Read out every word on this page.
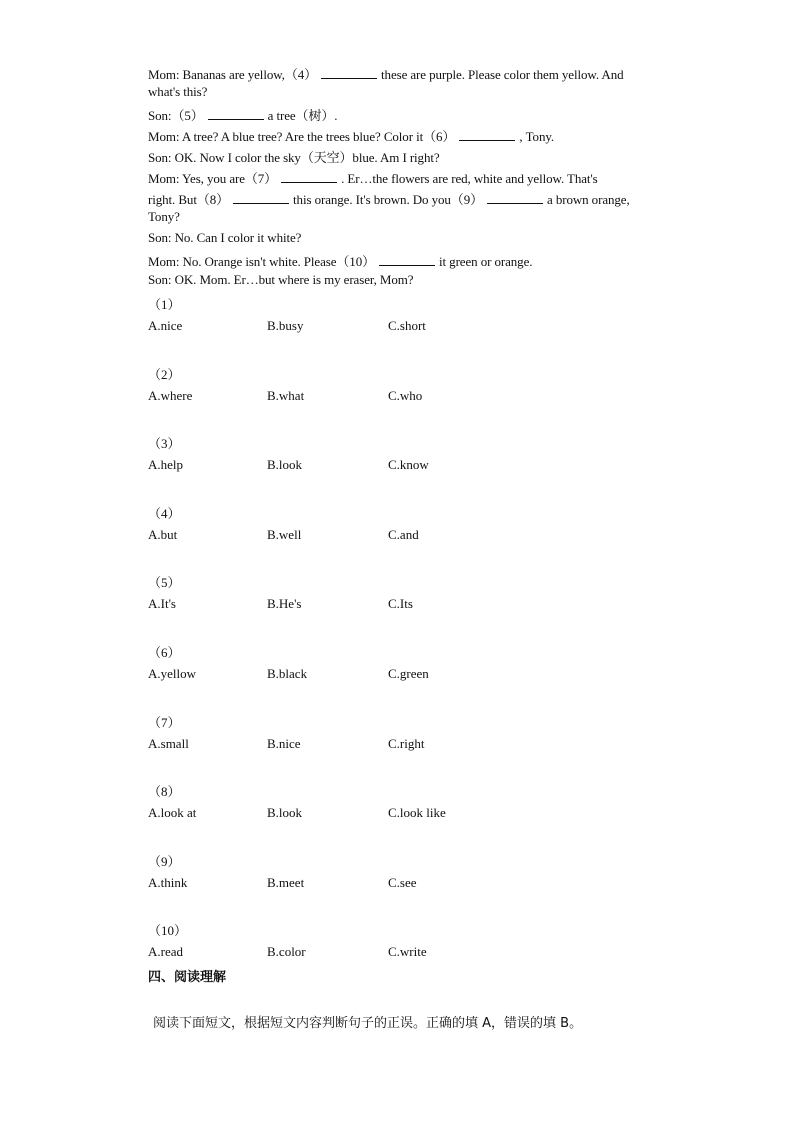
Mom: Bananas are yellow,（4）	these are purple. Please color them yellow. And
what's this?
Son:（5）	a tree（树）.
Mom: A tree? A blue tree? Are the trees blue? Color it（6）	, Tony.
Son: OK. Now I color the sky（天空）blue. Am I right?
Mom: Yes, you are（7）	. Er…the flowers are red, white and yellow. That's
right. But（8）	this orange. It's brown. Do you（9）	a brown orange,
Tony?
Son: No. Can I color it white?
Mom: No. Orange isn't white. Please（10）	it green or orange.
Son: OK. Mom. Er…but where is my eraser, Mom?
（1）
A.nice	B.busy	C.short
（2）
A.where	B.what	C.who
（3）
A.help	B.look	C.know
（4）
A.but	B.well	C.and
（5）
A.It's	B.He's	C.Its
（6）
A.yellow	B.black	C.green
（7）
A.small	B.nice	C.right
（8）
A.look at	B.look	C.look like
（9）
A.think	B.meet	C.see
（10）
A.read	B.color	C.write
四、阅读理解
阅读下面短文，根据短文内容判断句子的正误。正确的填 A，错误的填 B。
